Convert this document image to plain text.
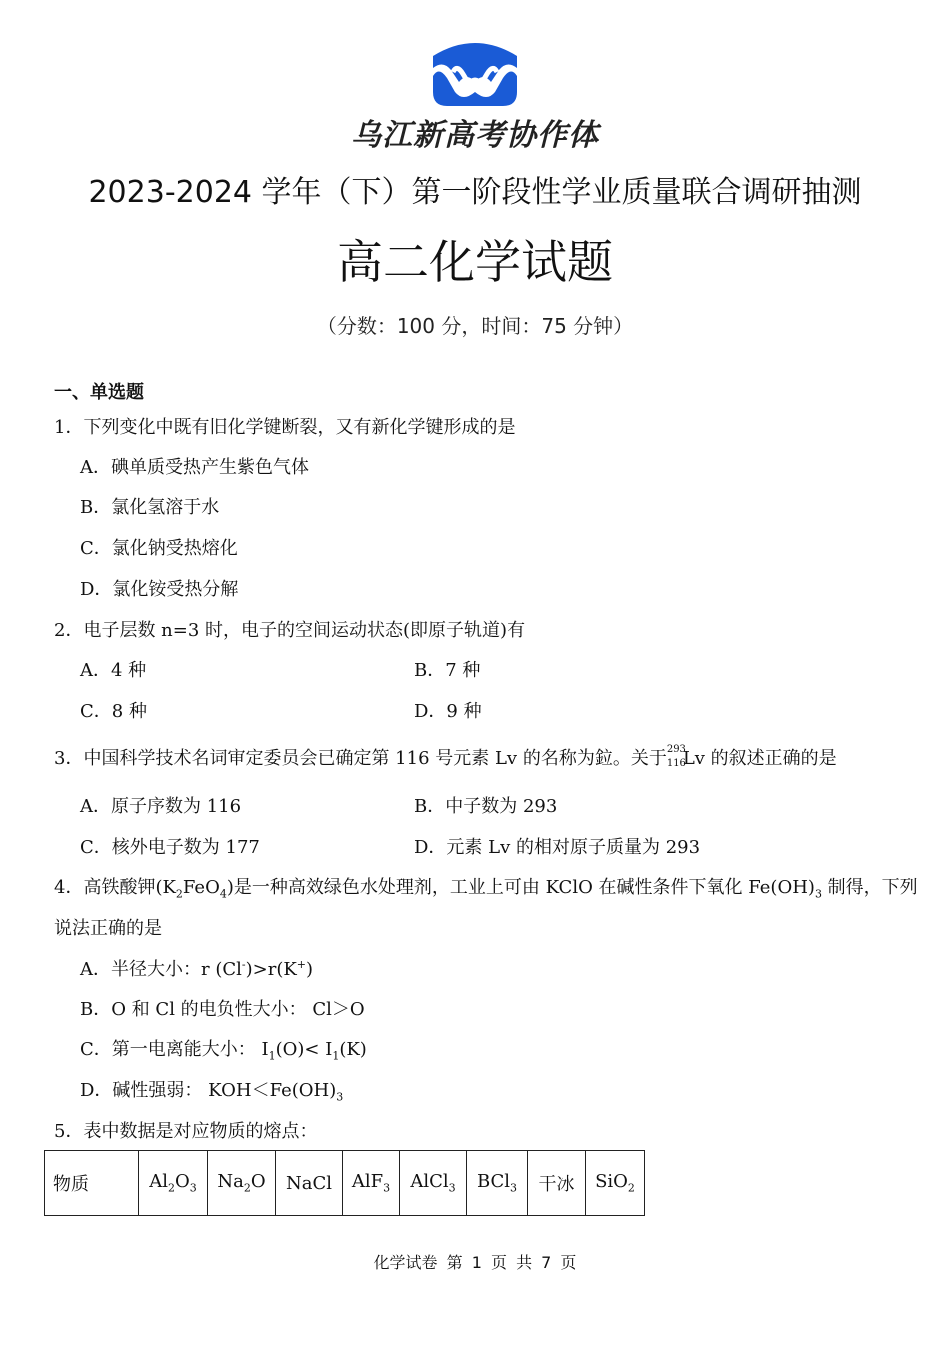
乌江新高考协作体
2023-2024 学年（下）第一阶段性学业质量联合调研抽测
高二化学试题
（分数：100 分，时间：75 分钟）
一、单选题
1．下列变化中既有旧化学键断裂，又有新化学键形成的是
A．碘单质受热产生紫色气体
B．氯化氢溶于水
C．氯化钠受热熔化
D．氯化铵受热分解
2．电子层数 n=3 时，电子的空间运动状态(即原子轨道)有
A．4 种	B．7 种
C．8 种	D．9 种
3．中国科学技术名词审定委员会已确定第 116 号元素 Lv 的名称为鉝。关于 293
116
Lv 的叙述正确的是
A．原子序数为 116	B．中子数为 293
C．核外电子数为 177	D．元素 Lv 的相对原子质量为 293
4．高铁酸钾$(K_2FeO_4)$是一种高效绿色水处理剂，工业上可由 KClO 在碱性条件下氧化 $Fe(OH)_3$ 制得，下列
说法正确的是
A．半径大小：r (Cl-)>r(K+)
B．O 和 Cl 的电负性大小： Cl＞O
C．第一电离能大小： $I_1(O)< I_1(K)$
D．碱性强弱： $KOH<Fe(OH)_3$
5．表中数据是对应物质的熔点：
物质	$Al_2O_3$	$Na_2O$	NaCl	AlF$_3$	AlCl$_3$	BCl$_3$	干冰	SiO$_2$
化学试卷 第 1 页 共 7 页
